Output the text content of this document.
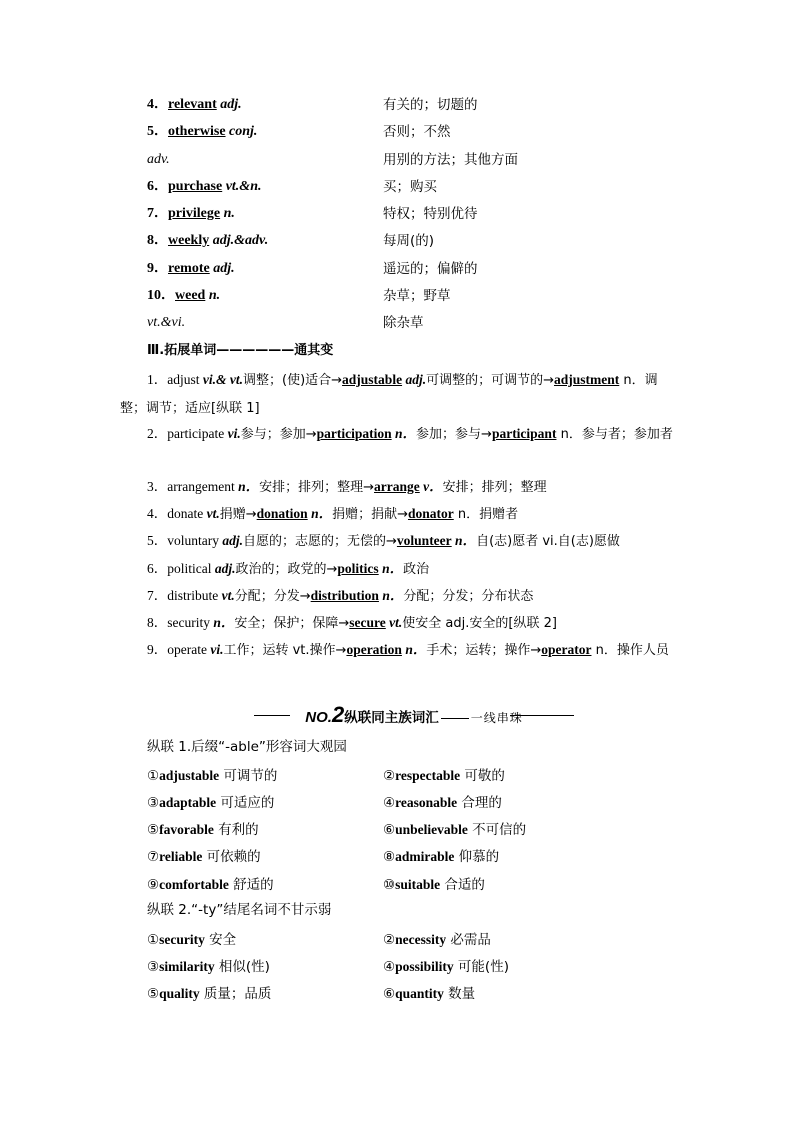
4．relevant adj.	有关的；切题的
5．otherwise conj.	否则；不然
adv.	用别的方法；其他方面
6．purchase vt.&n.	买；购买
7．privilege n.	特权；特别优待
8．weekly adj.&adv.	每周(的)
9．remote adj.	遥远的；偏僻的
10．weed n.	杂草；野草
vt.&vi.	除杂草
Ⅲ.拓展单词——————通其变
1．adjust vi.& vt.调整；(使)适合→adjustable adj.可调整的；可调节的→adjustment n．调整；调节；适应[纵联 1]
2．participate vi.参与；参加→participation n．参加；参与→participant n．参与者；参加者
3．arrangement n．安排；排列；整理→arrange v．安排；排列；整理
4．donate vt.捐赠→donation n．捐赠；捐献→donator n．捐赠者
5．voluntary adj.自愿的；志愿的；无偿的→volunteer n．自(志)愿者 vi.自(志)愿做
6．political adj.政治的；政党的→politics n．政治
7．distribute vt.分配；分发→distribution n．分配；分发；分布状态
8．security n．安全；保护；保障→secure vt.使安全 adj.安全的[纵联 2]
9．operate vi.工作；运转 vt.操作→operation n．手术；运转；操作→operator n．操作人员
NO.2纵联同主族词汇	一线串珠
纵联 1.后缀“-able”形容词大观园
①adjustable 可调节的	②respectable 可敬的
③adaptable 可适应的	④reasonable 合理的
⑤favorable 有利的	⑥unbelievable 不可信的
⑦reliable 可依赖的	⑧admirable 仰慕的
⑨comfortable 舒适的	⑩suitable 合适的
纵联 2.“-ty”结尾名词不甘示弱
①security 安全	②necessity 必需品
③similarity 相似(性)	④possibility 可能(性)
⑤quality 质量；品质	⑥quantity 数量
